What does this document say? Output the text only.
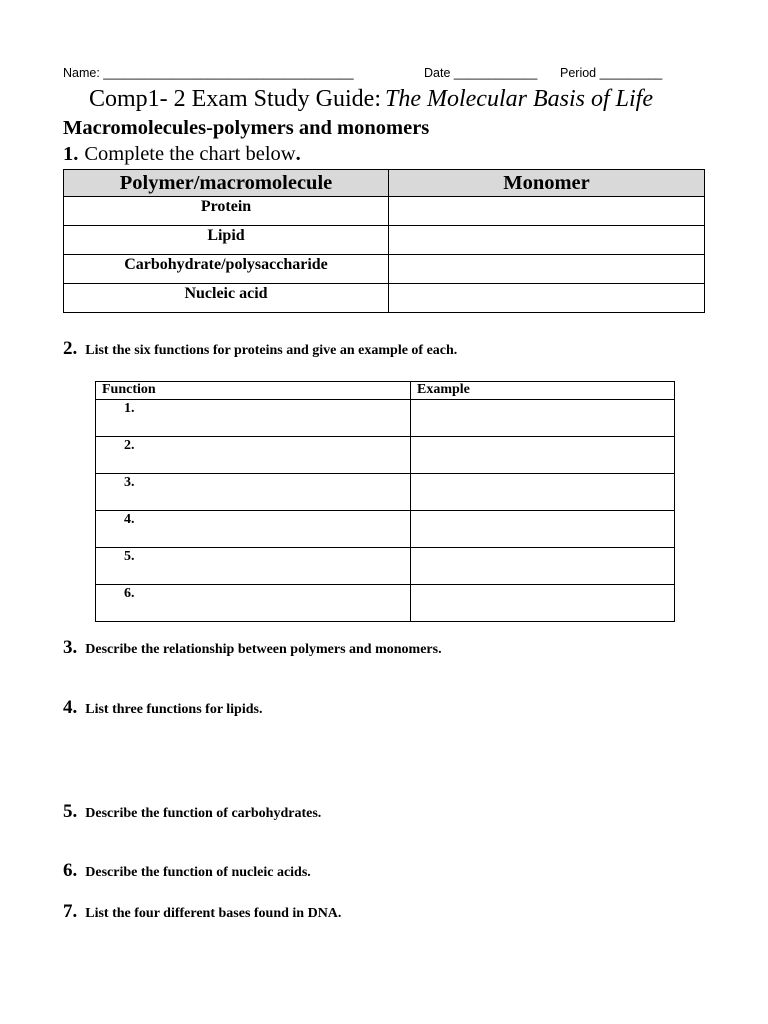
Name: ____________________________________	Date ____________ Period _________
Comp1- 2 Exam Study Guide: The Molecular Basis of Life
Macromolecules-polymers and monomers
1. Complete the chart below.
Polymer/macromolecule	Monomer
Protein	
Lipid	
Carbohydrate/polysaccharide	
Nucleic acid	
2. List the six functions for proteins and give an example of each.
Function	Example
1.	
2.	
3.	
4.	
5.	
6.	
3. Describe the relationship between polymers and monomers.
4. List three functions for lipids.
5. Describe the function of carbohydrates.
6. Describe the function of nucleic acids.
7. List the four different bases found in DNA.
